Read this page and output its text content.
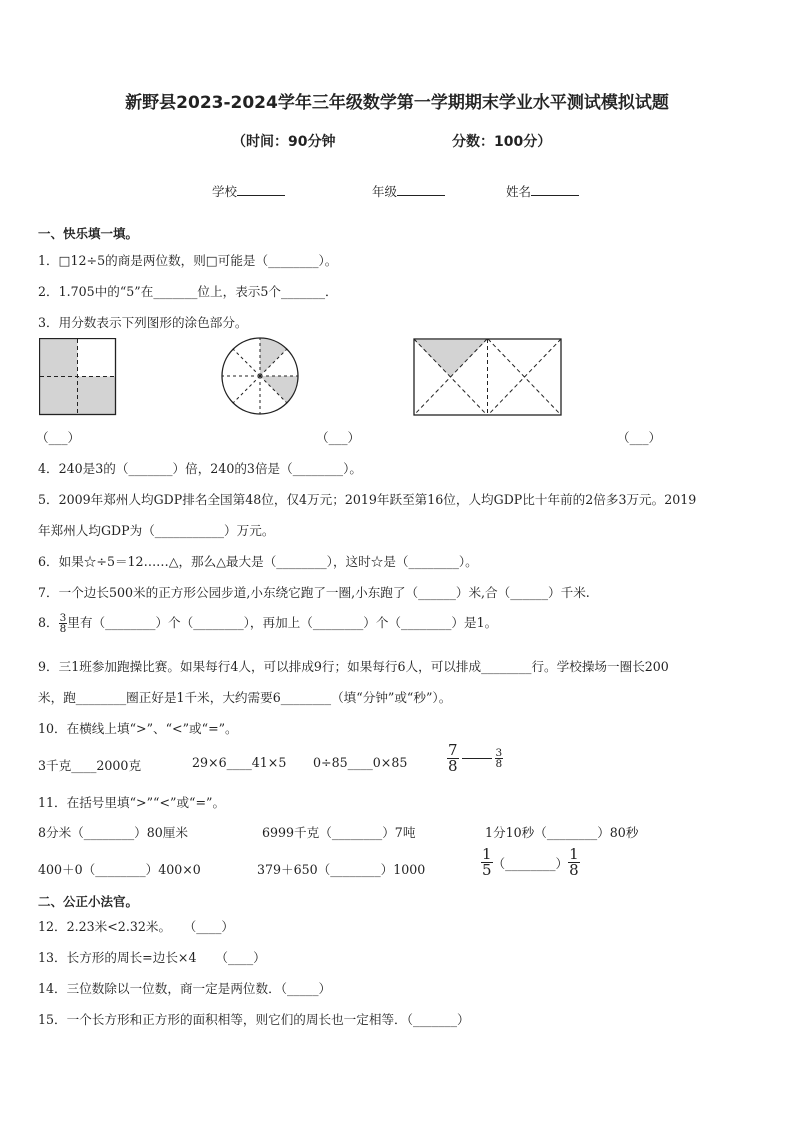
新野县2023-2024学年三年级数学第一学期期末学业水平测试模拟试题
（时间：90分钟	分数：100分）
学校	年级	姓名
一、快乐填一填。
1．□12÷5的商是两位数，则□可能是（________）。
2．1.705中的“5”在_______位上，表示5个_______．
3．用分数表示下列图形的涂色部分。
（___）	（___）	（___）
4．240是3的（_______）倍，240的3倍是（________）。
5．2009年郑州人均GDP排名全国第48位，仅4万元；2019年跃至第16位，人均GDP比十年前的2倍多3万元。2019
年郑州人均GDP为（___________）万元。
6．如果☆÷5＝12……△，那么△最大是（________），这时☆是（________）。
7．一个边长500米的正方形公园步道,小东绕它跑了一圈,小东跑了（______）米,合（______）千米.
8． $\frac{3}{8}$ 里有（________）个（________），再加上（________）个（________）是1。
9．三1班参加跑操比赛。如果每行4人，可以排成9行；如果每行6人，可以排成________行。学校操场一圈长200
米，跑________圈正好是1千米，大约需要6________（填“分钟”或“秒”）。
10．在横线上填“>”、“<”或“=”。
3千克____2000克	29×6____41×5 0÷85____0×85	$\frac{7}{8}$	$\frac{3}{8}$
11．在括号里填“>”“<”或“=”。
8分米（________）80厘米	6999千克（________）7吨	1分10秒（________）80秒
400＋0（________）400×0	379＋650（________）1000	$\frac{1}{5}$ （________） $\frac{1}{8}$
二、公正小法官。
12．2.23米<2.32米。　　（____）
13．长方形的周长=边长×4　　（____）
14．三位数除以一位数，商一定是两位数．（_____）
15．一个长方形和正方形的面积相等，则它们的周长也一定相等．（_______）
